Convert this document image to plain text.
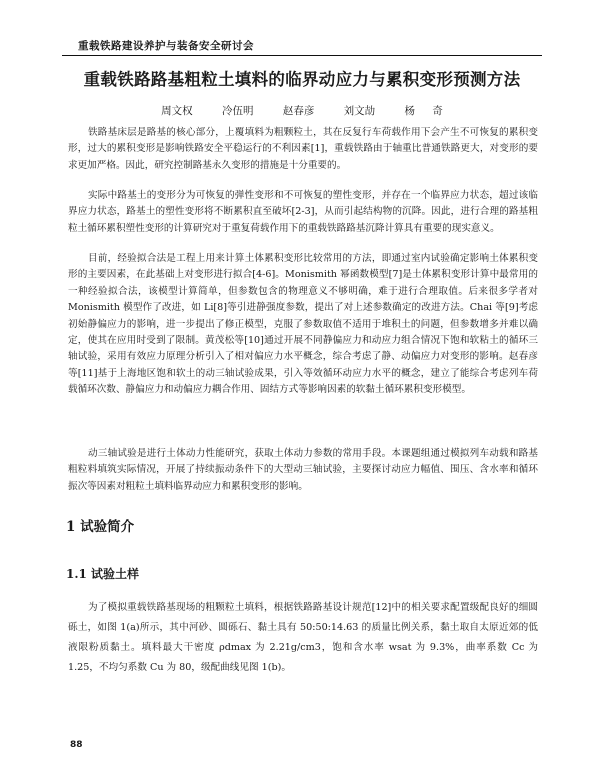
重载铁路建设养护与装备安全研讨会
重载铁路路基粗粒土填料的临界动应力与累积变形预测方法
周文权	冷伍明	赵春彦	刘文劼	杨 奇

铁路基床层是路基的核心部分，上覆填料为粗颗粒土，其在反复行车荷载作用下会产生不可恢复的累积变形，过大的累积变形是影响铁路安全平稳运行的不利因素[1]，重载铁路由于轴重比普通铁路更大，对变形的要求更加严格。因此，研究控制路基永久变形的措施是十分重要的。

实际中路基土的变形分为可恢复的弹性变形和不可恢复的塑性变形，并存在一个临界应力状态，超过该临界应力状态，路基土的塑性变形将不断累积直至破坏[2-3]，从而引起结构物的沉降。因此，进行合理的路基粗粒土循环累积塑性变形的计算研究对于重复荷载作用下的重载铁路路基沉降计算具有重要的现实意义。

目前，经验拟合法是工程上用来计算土体累积变形比较常用的方法，即通过室内试验确定影响土体累积变形的主要因素，在此基础上对变形进行拟合[4-6]。Monismith 幂函数模型[7]是土体累积变形计算中最常用的一种经验拟合法，该模型计算简单，但参数包含的物理意义不够明确，难于进行合理取值。后来很多学者对 Monismith 模型作了改进，如 Li[8]等引进静强度参数，提出了对上述参数确定的改进方法。Chai 等[9]考虑初始静偏应力的影响，进一步提出了修正模型，克服了参数取值不适用于堆积土的问题，但参数增多并难以确定，使其在应用时受到了限制。黄茂松等[10]通过开展不同静偏应力和动应力组合情况下饱和软粘土的循环三轴试验，采用有效应力原理分析引入了相对偏应力水平概念，综合考虑了静、动偏应力对变形的影响。赵春彦等[11]基于上海地区饱和软土的动三轴试验成果，引入等效循环动应力水平的概念，建立了能综合考虑列车荷载循环次数、静偏应力和动偏应力耦合作用、固结方式等影响因素的软黏土循环累积变形模型。

动三轴试验是进行土体动力性能研究，获取土体动力参数的常用手段。本课题组通过模拟列车动载和路基粗粒料填筑实际情况，开展了持续振动条件下的大型动三轴试验，主要探讨动应力幅值、围压、含水率和循环振次等因素对粗粒土填料临界动应力和累积变形的影响。

1 试验简介
1.1 试验土样

为了模拟重载铁路基现场的粗颗粒土填料，根据铁路路基设计规范[12]中的相关要求配置级配良好的细圆砾土，如图 1(a)所示，其中河砂、圆砾石、黏土具有 50:50:14.63 的质量比例关系，黏土取自太原近郊的低液限粉质黏土。填料最大干密度 ρdmax 为 2.21g/cm3，饱和含水率 wsat 为 9.3%，曲率系数 Cc 为 1.25，不均匀系数 Cu 为 80，级配曲线见图 1(b)。

88
